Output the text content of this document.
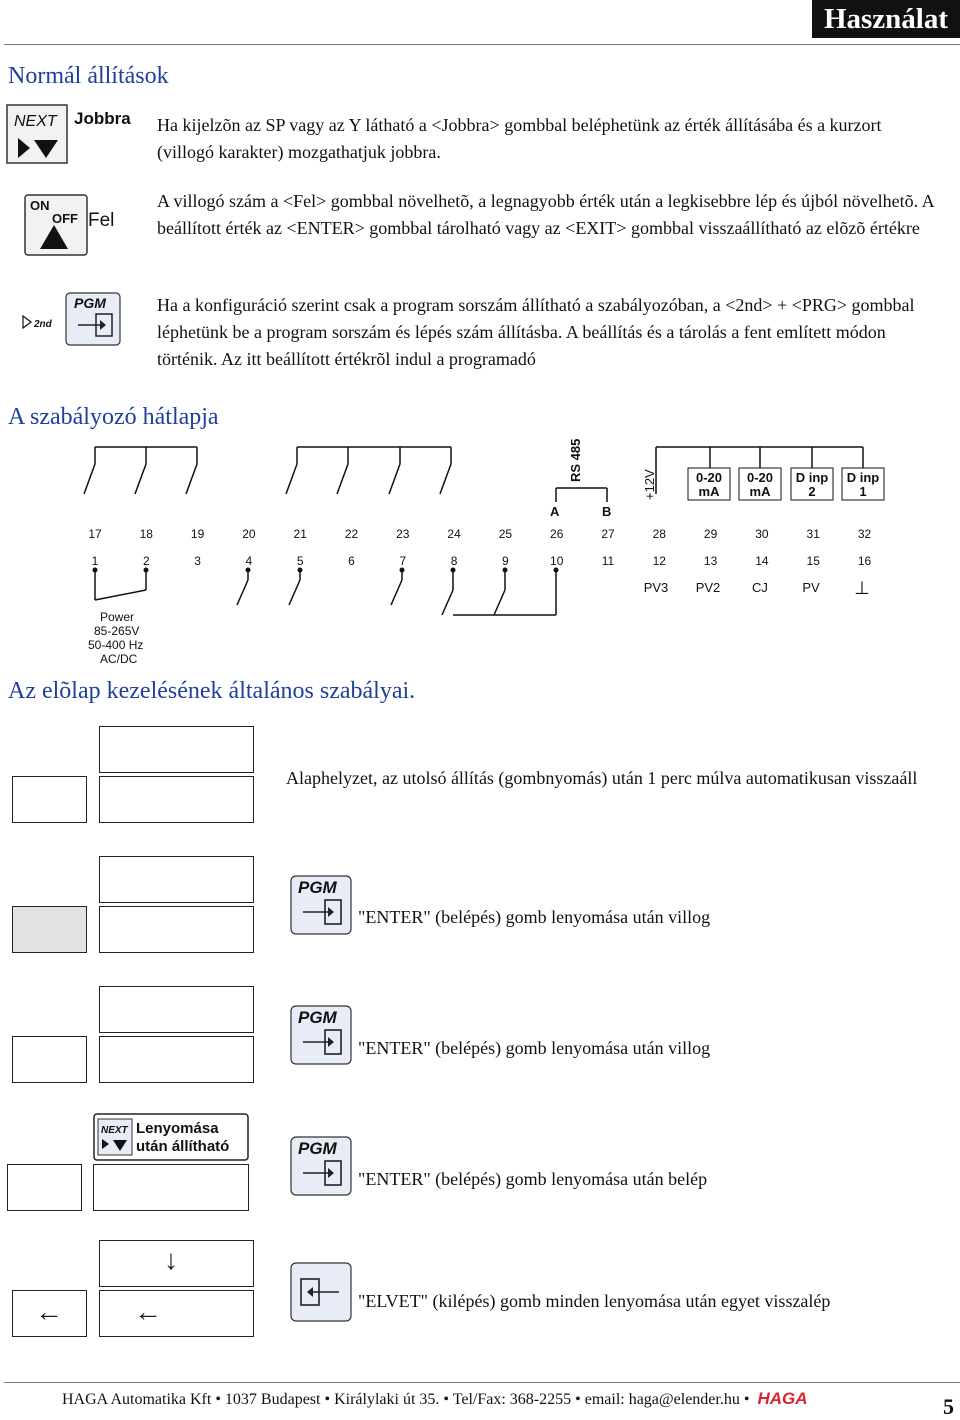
Használat
Normál állítások
NEXT Jobbra Ha kijelzõn az SP vagy az Y látható a <Jobbra> gombbal beléphetünk az érték állításába és a kurzort (villogó karakter) mozgathatjuk jobbra.
ON
OFF Fel
A villogó szám a <Fel> gombbal növelhetõ, a legnagyobb érték után a legkisebbre lép és újból növelhetõ. A beállított érték az <ENTER> gombbal tárolható vagy az <EXIT> gombbal visszaállítható az elõzõ értékre
2nd
PGM	Ha a konfiguráció szerint csak a program sorszám állítható a szabályozóban, a <2nd> + <PRG> gombbal léphetünk be a program sorszám és lépés szám állításba. A beállítás és a tárolás a fent említett módon történik. Az itt beállított értékrõl indul a programadó
A szabályozó hátlapja
17	18	19	20	21	22	23	24	25	26	27	28	29	30	31	32
1	2	3	4	5	6	7	8	9	10	11	12	13	14	15	16
RS 485
A	B
+12V	0-20
mA
0-20
mA
D inp
2
D inp
1
PV3 PV2 CJ	PV ⊥
Power
85-265V
50-400 Hz
AC/DC
Az elõlap kezelésének általános szabályai.
Alaphelyzet, az utolsó állítás (gombnyomás) után 1 perc múlva automatikusan visszaáll
PGM
"ENTER" (belépés) gomb lenyomása után villog
PGM
"ENTER" (belépés) gomb lenyomása után villog
NEXT Lenyomása
után állítható	PGM
"ENTER" (belépés) gomb lenyomása után belép
↓
←	←	"ELVET" (kilépés) gomb minden lenyomása után egyet visszalép
HAGA Automatika Kft • 1037 Budapest • Királylaki út 35. • Tel/Fax: 368-2255 • email: haga@elender.hu • HAGA	5
